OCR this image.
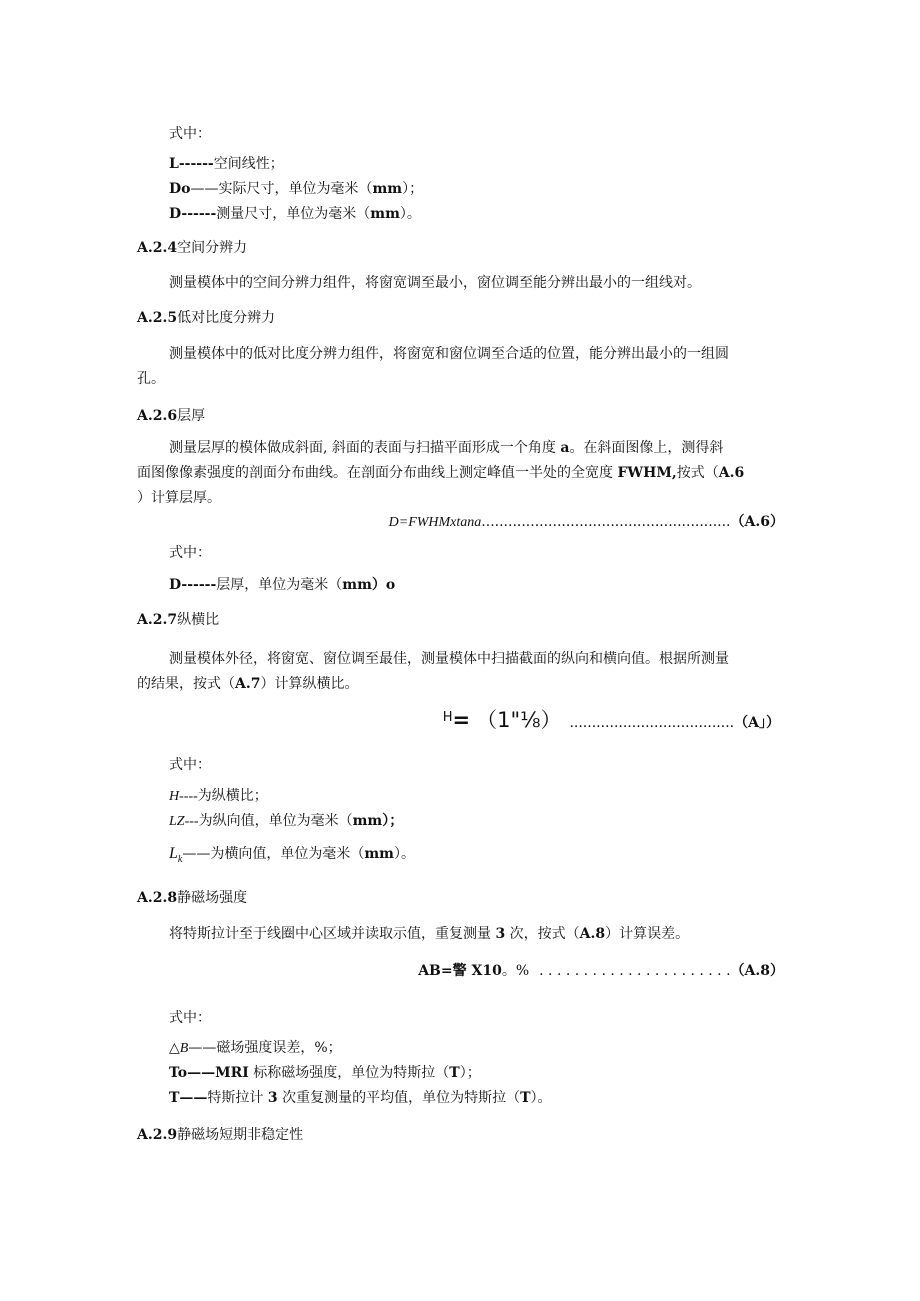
式中：
L------空间线性；
Do——实际尺寸，单位为毫米（mm）；
D------测量尺寸，单位为毫米（mm）。
A.2.4空间分辨力
测量模体中的空间分辨力组件，将窗宽调至最小，窗位调至能分辨出最小的一组线对。
A.2.5低对比度分辨力
测量模体中的低对比度分辨力组件，将窗宽和窗位调至合适的位置，能分辨出最小的一组圆
孔。
A.2.6层厚
测量层厚的模体做成斜面, 斜面的表面与扫描平面形成一个角度 a。在斜面图像上，测得斜
面图像像素强度的剖面分布曲线。在剖面分布曲线上测定峰值一半处的全宽度 FWHM,按式（A.6
）计算层厚。
D=FWHMxtana........................................................（A.6）
式中：
D------层厚，单位为毫米（mm）o
A.2.7纵横比
测量模体外径，将窗宽、窗位调至最佳，测量模体中扫描截面的纵向和横向值。根据所测量
的结果，按式（A.7）计算纵横比。
H= （1"⅛） .....................................（A」）
式中：
H----为纵横比；
LZ---为纵向值，单位为毫米（mm）；
$L_k——$为横向值，单位为毫米（mm）。
A.2.8静磁场强度
将特斯拉计至于线圈中心区域并读取示值，重复测量 3 次，按式（A.8）计算误差。
AB=警 X10。% . . . . . . . . . . . . . . . . . . . . . .（A.8）
式中：
△B——磁场强度误差，%；
To——MRI 标称磁场强度，单位为特斯拉（T）；
T——特斯拉计 3 次重复测量的平均值，单位为特斯拉（T）。
A.2.9静磁场短期非稳定性
